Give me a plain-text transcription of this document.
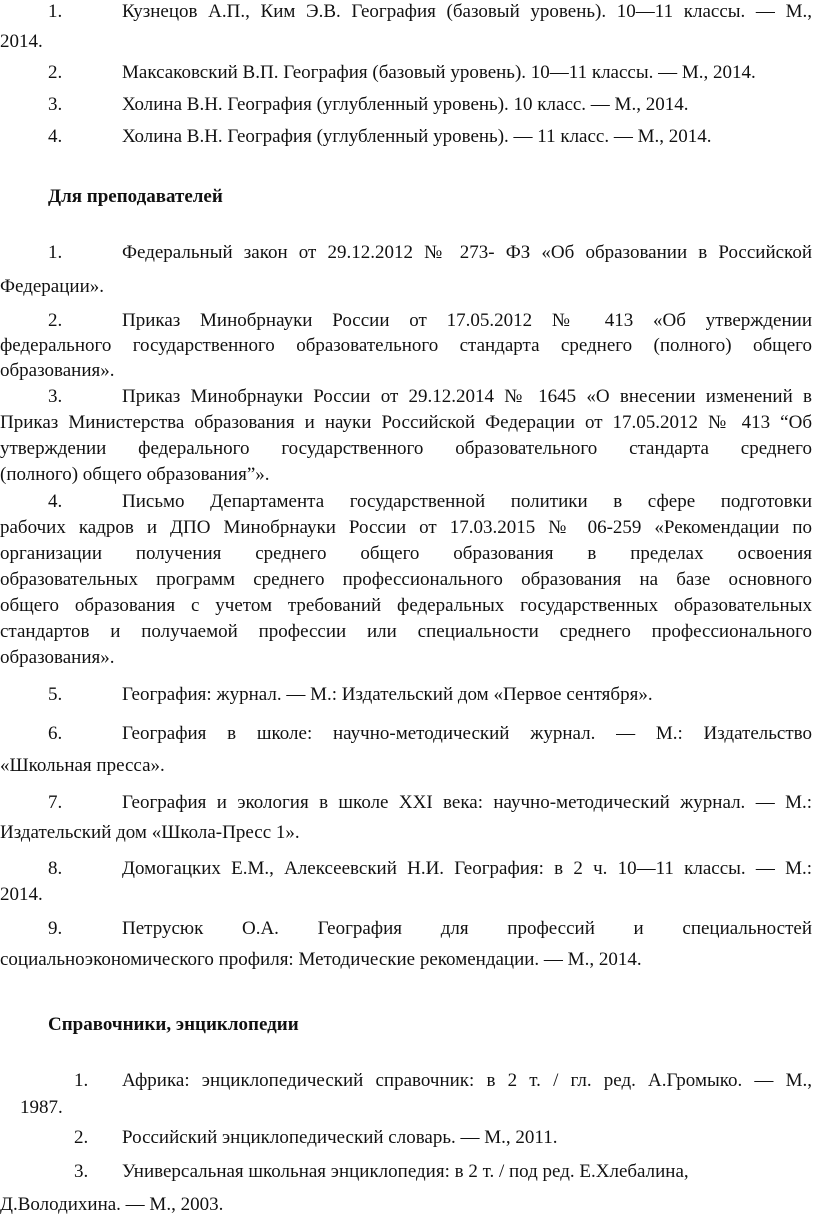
1.	Кузнецов А.П., Ким Э.В. География (базовый уровень). 10—11 классы. — М.,
2014.
2.	Максаковский В.П. География (базовый уровень). 10—11 классы. — М., 2014.
3.	Холина В.Н. География (углубленный уровень). 10 класс. — М., 2014.
4.	Холина В.Н. География (углубленный уровень). — 11 класс. — М., 2014.
Для преподавателей
1.	Федеральный закон от 29.12.2012 № 273- ФЗ «Об образовании в Российской
Федерации».
2.	Приказ Минобрнауки России от 17.05.2012 № 413 «Об утверждении
федерального государственного образовательного стандарта среднего (полного) общего
образования».
3.	Приказ Минобрнауки России от 29.12.2014 № 1645 «О внесении изменений в
Приказ Министерства образования и науки Российской Федерации от 17.05.2012 № 413 “Об
утверждении федерального государственного образовательного стандарта среднего
(полного) общего образования”».
4.	Письмо Департамента государственной политики в сфере подготовки
рабочих кадров и ДПО Минобрнауки России от 17.03.2015 № 06-259 «Рекомендации по
организации получения среднего общего образования в пределах освоения
образовательных программ среднего профессионального образования на базе основного
общего образования с учетом требований федеральных государственных образовательных
стандартов и получаемой профессии или специальности среднего профессионального
образования».
5.	География: журнал. — М.: Издательский дом «Первое сентября».
6.	География в школе: научно-методический журнал. — М.: Издательство
«Школьная пресса».
7.	География и экология в школе XXI века: научно-методический журнал. — М.:
Издательский дом «Школа-Пресс 1».
8.	Домогацких Е.М., Алексеевский Н.И. География: в 2 ч. 10—11 классы. — М.:
2014.
9.	Петрусюк О.А. География для профессий и специальностей
социальноэкономического профиля: Методические рекомендации. — М., 2014.
Справочники, энциклопедии
1. Африка: энциклопедический справочник: в 2 т. / гл. ред. А.Громыко. — М.,
1987.
2. Российский энциклопедический словарь. — М., 2011.
3. Универсальная школьная энциклопедия: в 2 т. / под ред. Е.Хлебалина,
Д.Володихина. — М., 2003.
